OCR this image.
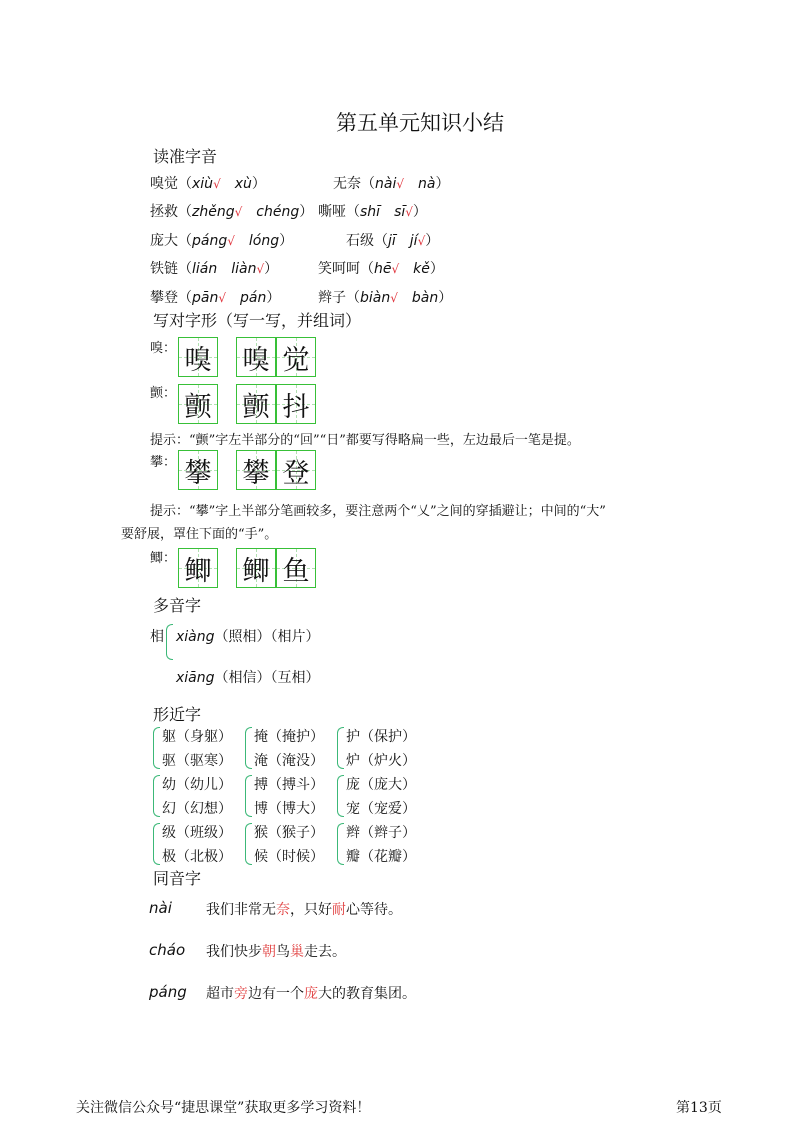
第五单元知识小结
读准字音
嗅觉（xiù√  xù）	无奈（nài√  nà）
拯救（zhěng√  chéng） 嘶哑（shī  sī√）
庞大（páng√  lóng）	石级（jī  jí√）
铁链（lián  liàn√）	笑呵呵（hē√  kě）
攀登（pān√  pán）	辫子（biàn√  bàn）
写对字形（写一写，并组词）
嗅： 嗅 嗅 觉
颤： 颤 颤 抖
提示：“颤”字左半部分的“回”“日”都要写得略扁一些，左边最后一笔是提。
攀： 攀 攀 登
提示：“攀”字上半部分笔画较多，要注意两个“乂”之间的穿插避让；中间的“大”
要舒展，罩住下面的“手”。
鲫： 鲫 鲫 鱼
多音字
相 xiàng（照相）（相片）
xiāng（相信）（互相）
形近字
躯（身躯）
驱（驱寒）
掩（掩护）
淹（淹没）
护（保护）
炉（炉火）
幼（幼儿）
幻（幻想）
搏（搏斗）
博（博大）
庞（庞大）
宠（宠爱）
级（班级）
极（北极）
猴（猴子）
候（时候）
辫（辫子）
瓣（花瓣）
同音字
nài 我们非常无奈，只好耐心等待。
cháo 我们快步朝鸟巢走去。
páng 超市旁边有一个庞大的教育集团。
关注微信公众号“捷思课堂”获取更多学习资料！	第13页
